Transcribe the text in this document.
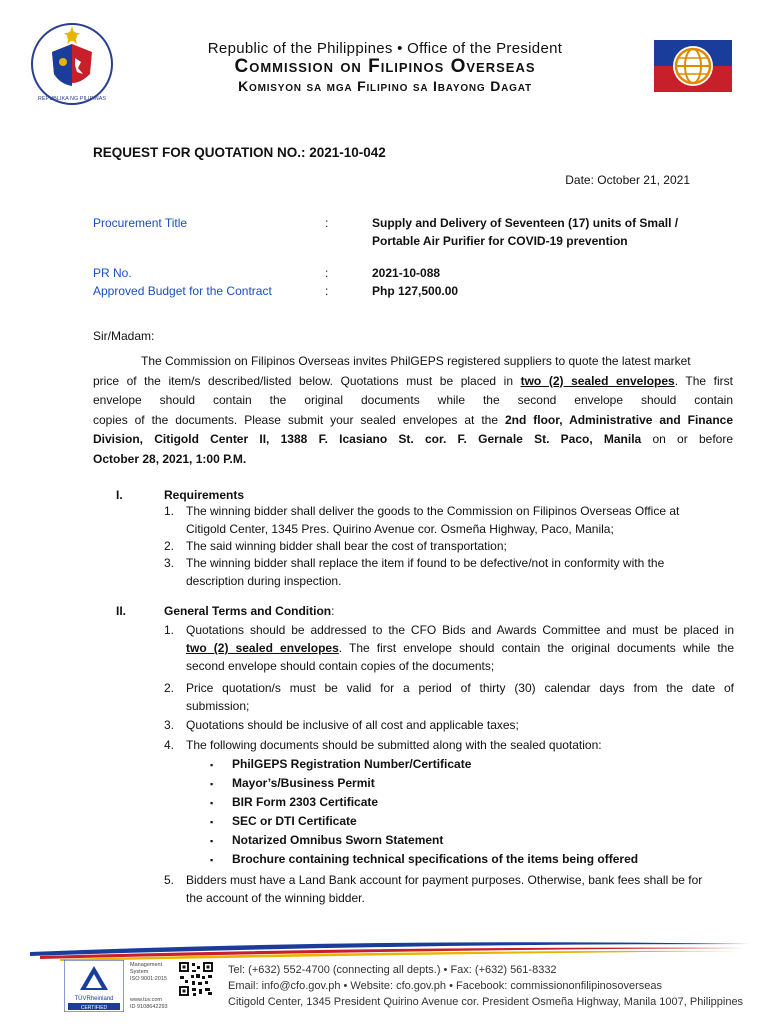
REPUBLIKA NG PILIPINAS
Republic of the Philippines • Office of the President
Commission on Filipinos Overseas
Komisyon sa mga Filipino sa Ibayong Dagat
REQUEST FOR QUOTATION NO.: 2021-10-042
Date: October 21, 2021
Procurement Title	:	Supply and Delivery of Seventeen (17) units of Small /
Portable Air Purifier for COVID-19 prevention
PR No.	:	2021-10-088
Approved Budget for the Contract	:	Php 127,500.00
Sir/Madam:
The Commission on Filipinos Overseas invites PhilGEPS registered suppliers to quote the latest market
price of the item/s described/listed below. Quotations must be placed in two (2) sealed envelopes. The first
envelope should contain the original documents while the second envelope should contain
copies of the documents. Please submit your sealed envelopes at the 2nd floor, Administrative and Finance
Division, Citigold Center II, 1388 F. Icasiano St. cor. F. Gernale St. Paco, Manila on or before
October 28, 2021, 1:00 P.M.
I.	Requirements
1. The winning bidder shall deliver the goods to the Commission on Filipinos Overseas Office at
Citigold Center, 1345 Pres. Quirino Avenue cor. Osmeña Highway, Paco, Manila;
2. The said winning bidder shall bear the cost of transportation;
3. The winning bidder shall replace the item if found to be defective/not in conformity with the
description during inspection.
II.	General Terms and Condition:
1. Quotations should be addressed to the CFO Bids and Awards Committee and must be placed in
two (2) sealed envelopes. The first envelope should contain the original documents while the
second envelope should contain copies of the documents;
2. Price quotation/s must be valid for a period of thirty (30) calendar days from the date of
submission;
3. Quotations should be inclusive of all cost and applicable taxes;
4. The following documents should be submitted along with the sealed quotation:
▪ PhilGEPS Registration Number/Certificate
▪ Mayor’s/Business Permit
▪ BIR Form 2303 Certificate
▪ SEC or DTI Certificate
▪ Notarized Omnibus Sworn Statement
▪ Brochure containing technical specifications of the items being offered
5. Bidders must have a Land Bank account for payment purposes. Otherwise, bank fees shall be for
the account of the winning bidder.
TÜVRheinland
CERTIFIED
Management
System
ISO 9001:2015
www.tuv.com
ID 9108642293
Tel: (+632) 552-4700 (connecting all depts.) • Fax: (+632) 561-8332
Email: info@cfo.gov.ph • Website: cfo.gov.ph • Facebook: commissiononfilipinosoverseas
Citigold Center, 1345 President Quirino Avenue cor. President Osmeña Highway, Manila 1007, Philippines
